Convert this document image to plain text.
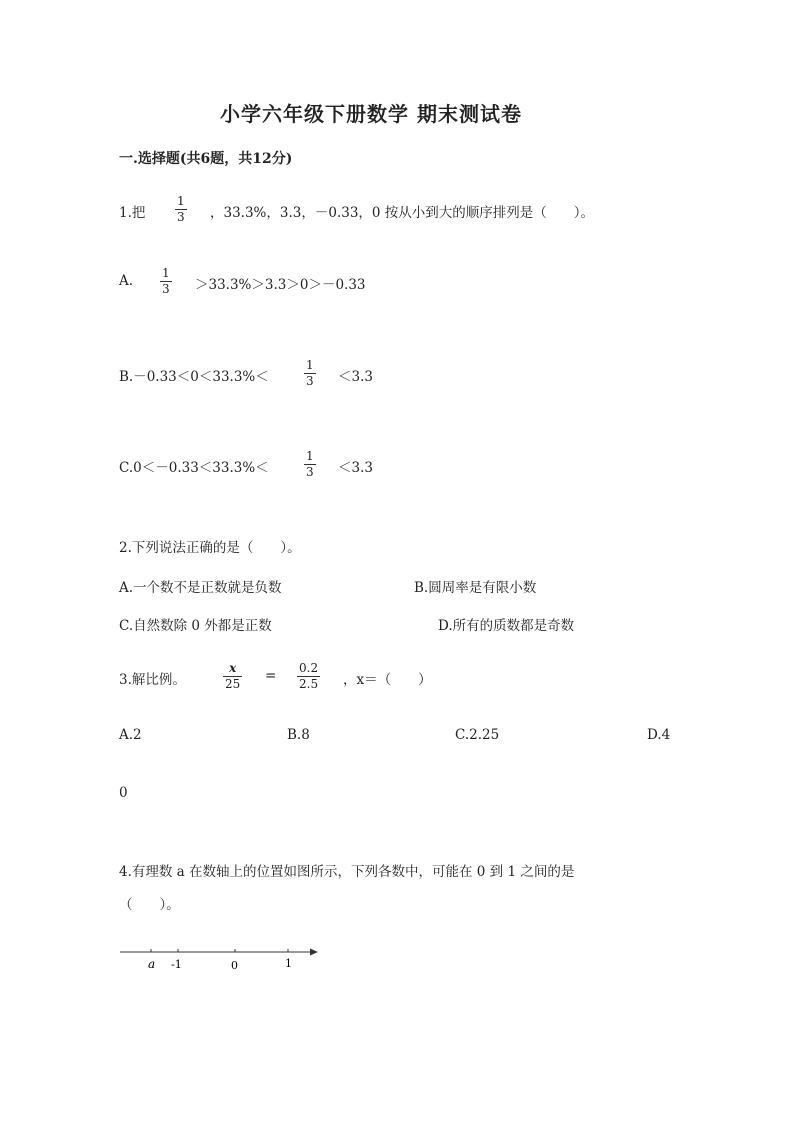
小学六年级下册数学 期末测试卷
一.选择题(共6题，共12分)
1.把
1
3 ，33.3%，3.3，－0.33，0 按从小到大的顺序排列是（　　）。
A. 1
3 ＞33.3%＞3.3＞0＞－0.33
B.－0.33＜0＜33.3%＜
1
3 ＜3.3
C.0＜－0.33＜33.3%＜
1
3 ＜3.3
2.下列说法正确的是（　　）。
A.一个数不是正数就是负数	B.圆周率是有限小数
C.自然数除 0 外都是正数	D.所有的质数都是奇数
3.解比例。
x
25 = 0.2
2.5 ，x＝（　　）
A.2	B.8	C.2.25	D.4
0
4.有理数 a 在数轴上的位置如图所示，下列各数中，可能在 0 到 1 之间的是
（　　）。
a -1	0	1
